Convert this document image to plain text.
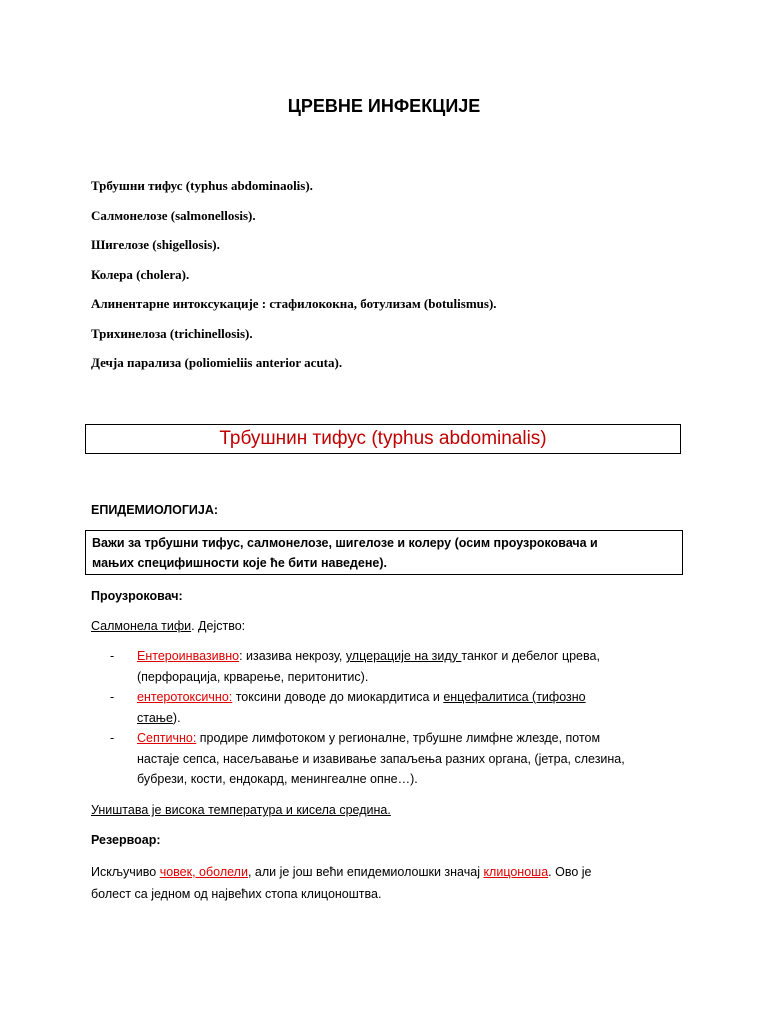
ЦРЕВНЕ ИНФЕКЦИЈЕ
Трбушни тифус (typhus abdominaolis).
Салмонелозе (salmonellosis).
Шигелозе (shigellosis).
Колера (cholera).
Алинентарне интоксукације : стафилококна, ботулизам (botulismus).
Трихинелоза (trichinellosis).
Дечја парализа (poliomieliis anterior acuta).
Трбушнин тифус (typhus abdominalis)
ЕПИДЕМИОЛОГИЈА:
Важи за трбушни тифус, салмонелозе, шигелозе и колеру (осим проузроковача и
мањих специфишности које ће бити наведене).
Проузроковач:
Салмонела тифи. Дејство:
- Ентероинвазивно: изазива некрозу, улцерације на зиду танког и дебелог црева,
(перфорација, крварење, перитонитис).
- ентеротоксично: токсини доводе до миокардитиса и енцефалитиса (тифозно
стање).
- Септично: продире лимфотоком у регионалне, трбушне лимфне жлезде, потом
настаје сепса, насељавање и изавивање запаљења разних органа, (јетра, слезина,
бубрези, кости, ендокард, менингеалне опне…).
Уништава је висока температура и кисела средина.
Резервоар:
Искључиво човек, оболели, али је још већи епидемиолошки значај клицоноша. Ово је
болест са једном од највећих стопа клицоноштва.
